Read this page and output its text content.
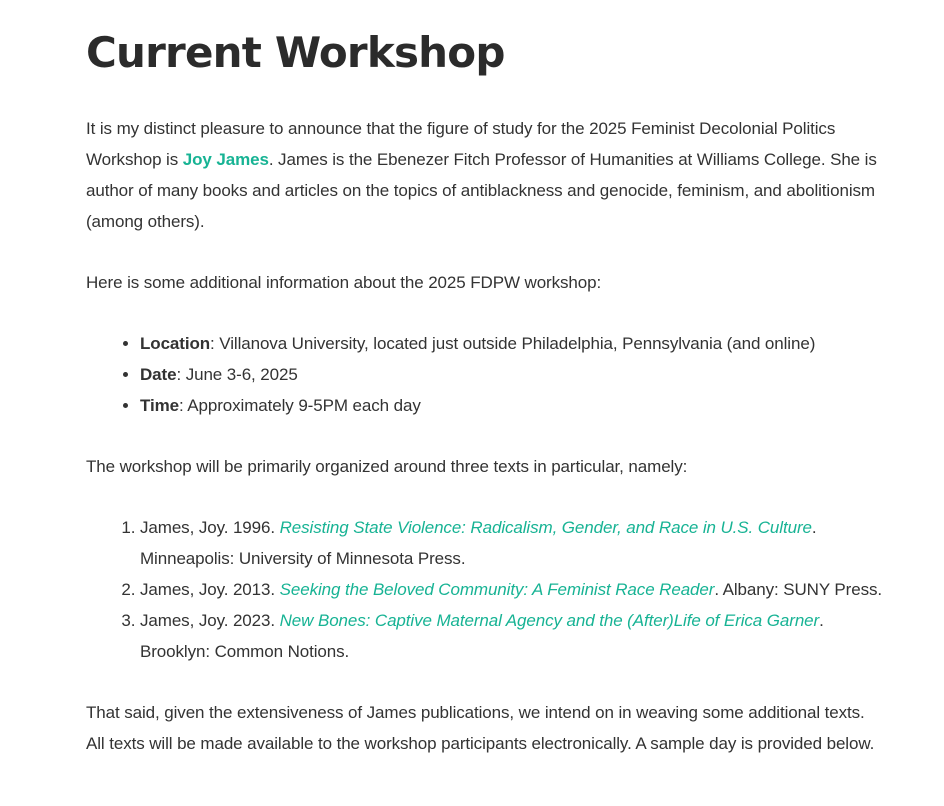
Current Workshop

It is my distinct pleasure to announce that the figure of study for the 2025 Feminist Decolonial Politics Workshop is Joy James. James is the Ebenezer Fitch Professor of Humanities at Williams College. She is author of many books and articles on the topics of antiblackness and genocide, feminism, and abolitionism (among others).

Here is some additional information about the 2025 FDPW workshop:

• Location: Villanova University, located just outside Philadelphia, Pennsylvania (and online)
• Date: June 3-6, 2025
• Time: Approximately 9-5PM each day

The workshop will be primarily organized around three texts in particular, namely:

1. James, Joy. 1996. Resisting State Violence: Radicalism, Gender, and Race in U.S. Culture. Minneapolis: University of Minnesota Press.
2. James, Joy. 2013. Seeking the Beloved Community: A Feminist Race Reader. Albany: SUNY Press.
3. James, Joy. 2023. New Bones: Captive Maternal Agency and the (After)Life of Erica Garner. Brooklyn: Common Notions.

That said, given the extensiveness of James publications, we intend on in weaving some additional texts. All texts will be made available to the workshop participants electronically. A sample day is provided below.
